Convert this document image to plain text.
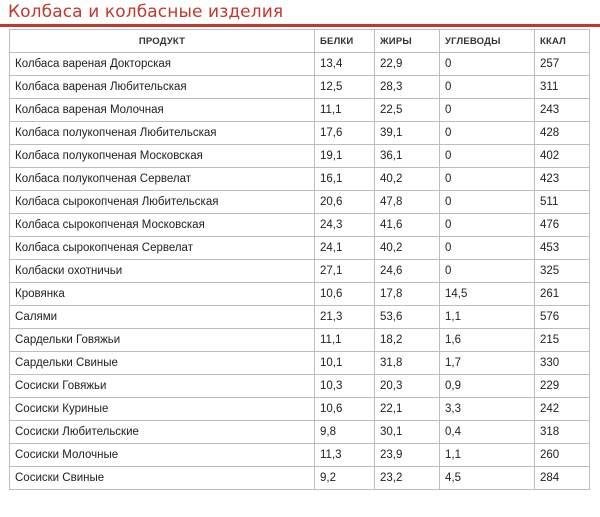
Колбаса и колбасные изделия
ПРОДУКТ	БЕЛКИ	ЖИРЫ	УГЛЕВОДЫ	ККАЛ
Колбаса вареная Докторская	13,4	22,9	0	257
Колбаса вареная Любительская	12,5	28,3	0	311
Колбаса вареная Молочная	11,1	22,5	0	243
Колбаса полукопченая Любительская	17,6	39,1	0	428
Колбаса полукопченая Московская	19,1	36,1	0	402
Колбаса полукопченая Сервелат	16,1	40,2	0	423
Колбаса сырокопченая Любительская	20,6	47,8	0	511
Колбаса сырокопченая Московская	24,3	41,6	0	476
Колбаса сырокопченая Сервелат	24,1	40,2	0	453
Колбаски охотничьи	27,1	24,6	0	325
Кровянка	10,6	17,8	14,5	261
Салями	21,3	53,6	1,1	576
Сардельки Говяжьи	11,1	18,2	1,6	215
Сардельки Свиные	10,1	31,8	1,7	330
Сосиски Говяжьи	10,3	20,3	0,9	229
Сосиски Куриные	10,6	22,1	3,3	242
Сосиски Любительские	9,8	30,1	0,4	318
Сосиски Молочные	11,3	23,9	1,1	260
Сосиски Свиные	9,2	23,2	4,5	284
